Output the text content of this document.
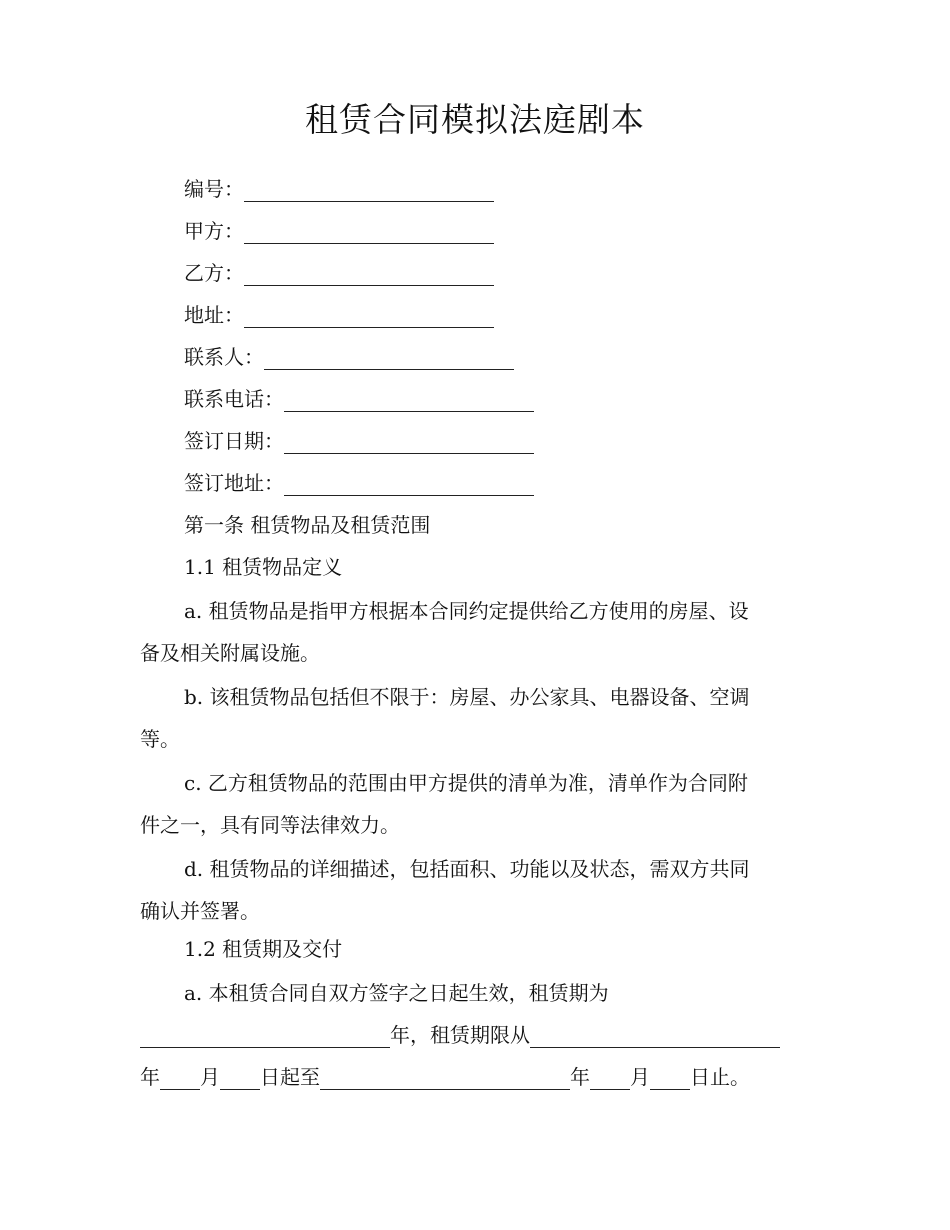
租赁合同模拟法庭剧本
编号：
甲方：
乙方：
地址：
联系人：
联系电话：
签订日期：
签订地址：
第一条 租赁物品及租赁范围
1.1 租赁物品定义
a. 租赁物品是指甲方根据本合同约定提供给乙方使用的房屋、设
备及相关附属设施。
b. 该租赁物品包括但不限于：房屋、办公家具、电器设备、空调
等。
c. 乙方租赁物品的范围由甲方提供的清单为准，清单作为合同附
件之一，具有同等法律效力。
d. 租赁物品的详细描述，包括面积、功能以及状态，需双方共同
确认并签署。
1.2 租赁期及交付
a. 本租赁合同自双方签字之日起生效，租赁期为
年，租赁期限从
年 月 日起至	年 月 日止。
